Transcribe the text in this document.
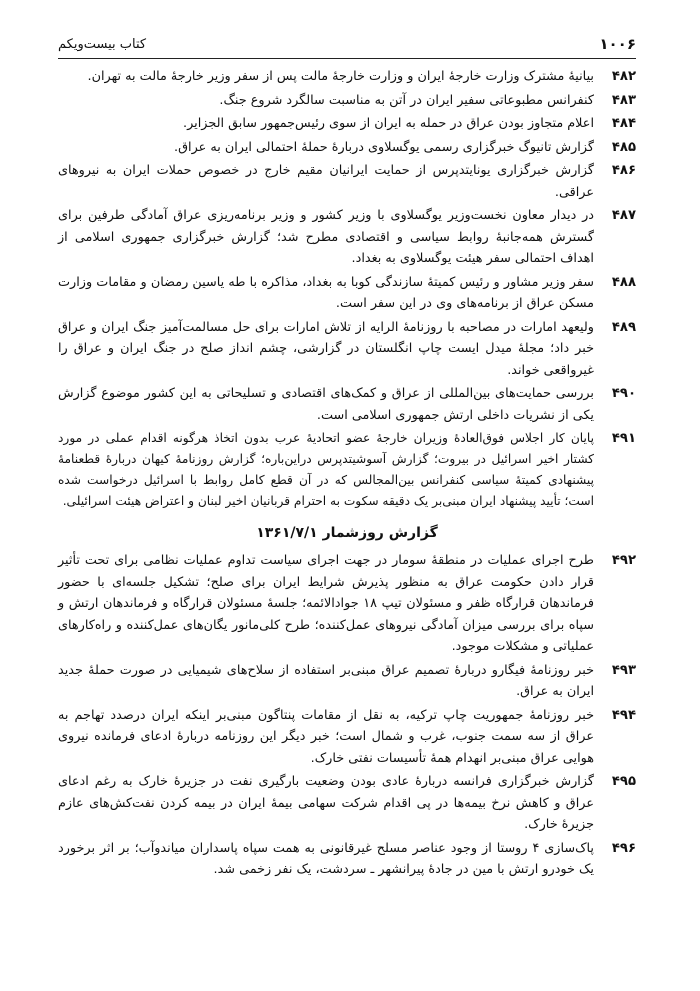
۱۰۰۶
کتاب بیست‌ویکم
۴۸۲
بیانیهٔ مشترک وزارت خارجهٔ ایران و وزارت خارجهٔ مالت پس از سفر وزیر خارجهٔ مالت به تهران.
۴۸۳
کنفرانس مطبوعاتی سفیر ایران در آتن به مناسبت سالگرد شروع جنگ.
۴۸۴
اعلام متجاوز بودن عراق در حمله به ایران از سوی رئیس‌جمهور سابق الجزایر.
۴۸۵
گزارش تانیوگ خبرگزاری رسمی یوگسلاوی دربارهٔ حملهٔ احتمالی ایران به عراق.
۴۸۶
گزارش خبرگزاری یونایتدپرس از حمایت ایرانیان مقیم خارج در خصوص حملات ایران به نیروهای عراقی.
۴۸۷
در دیدار معاون نخست‌وزیر یوگسلاوی با وزیر کشور و وزیر برنامه‌ریزی عراق آمادگی طرفین برای گسترش همه‌جانبهٔ روابط سیاسی و اقتصادی مطرح شد؛ گزارش خبرگزاری جمهوری اسلامی از اهداف احتمالی سفر هیئت یوگسلاوی به بغداد.
۴۸۸
سفر وزیر مشاور و رئیس کمیتهٔ سازندگی کوبا به بغداد، مذاکره با طه یاسین رمضان و مقامات وزارت مسکن عراق از برنامه‌های وی در این سفر است.
۴۸۹
ولیعهد امارات در مصاحبه با روزنامهٔ الرایه از تلاش امارات برای حل مسالمت‌آمیز جنگ ایران و عراق خبر داد؛ مجلهٔ میدل ایست چاپ انگلستان در گزارشی، چشم انداز صلح در جنگ ایران و عراق را غیرواقعی خواند.
۴۹۰
بررسی حمایت‌های بین‌المللی از عراق و کمک‌های اقتصادی و تسلیحاتی به این کشور موضوع گزارش یکی از نشریات داخلی ارتش جمهوری اسلامی است.
۴۹۱
پایان کار اجلاس فوق‌العادهٔ وزیران خارجهٔ عضو اتحادیهٔ عرب بدون اتخاذ هرگونه اقدام عملی در مورد کشتار اخیر اسرائیل در بیروت؛ گزارش آسوشیتدپرس دراین‌باره؛ گزارش روزنامهٔ کیهان دربارهٔ قطعنامهٔ پیشنهادی کمیتهٔ سیاسی کنفرانس بین‌المجالس که در آن قطع کامل روابط با اسرائیل درخواست شده است؛ تأیید پیشنهاد ایران مبنی‌بر یک دقیقه سکوت به احترام قربانیان اخیر لبنان و اعتراض هیئت اسرائیلی.
گزارش روزشمار ۱۳۶۱/۷/۱
۴۹۲
طرح اجرای عملیات در منطقهٔ سومار در جهت اجرای سیاست تداوم عملیات نظامی برای تحت تأثیر قرار دادن حکومت عراق به منظور پذیرش شرایط ایران برای صلح؛ تشکیل جلسه‌ای با حضور فرماندهان قرارگاه ظفر و مسئولان تیپ ۱۸ جوادالائمه؛ جلسهٔ مسئولان قرارگاه و فرماندهان ارتش و سپاه برای بررسی میزان آمادگی نیروهای عمل‌کننده؛ طرح کلی‌مانور یگان‌های عمل‌کننده و راه‌کارهای عملیاتی و مشکلات موجود.
۴۹۳
خبر روزنامهٔ فیگارو دربارهٔ تصمیم عراق مبنی‌بر استفاده از سلاح‌های شیمیایی در صورت حملهٔ جدید ایران به عراق.
۴۹۴
خبر روزنامهٔ جمهوریت چاپ ترکیه، به نقل از مقامات پنتاگون مبنی‌بر اینکه ایران درصدد تهاجم به عراق از سه سمت جنوب، غرب و شمال است؛ خبر دیگر این روزنامه دربارهٔ ادعای فرمانده نیروی هوایی عراق مبنی‌بر انهدام همهٔ تأسیسات نفتی خارک.
۴۹۵
گزارش خبرگزاری فرانسه دربارهٔ عادی بودن وضعیت بارگیری نفت در جزیرهٔ خارک به رغم ادعای عراق و کاهش نرخ بیمه‌ها در پی اقدام شرکت سهامی بیمهٔ ایران در بیمه کردن نفت‌کش‌های عازم جزیرهٔ خارک.
۴۹۶
پاک‌سازی ۴ روستا از وجود عناصر مسلح غیرقانونی به همت سپاه پاسداران میاندوآب؛ بر اثر برخورد یک خودرو ارتش با مین در جادهٔ پیرانشهر ـ سردشت، یک نفر زخمی شد.
